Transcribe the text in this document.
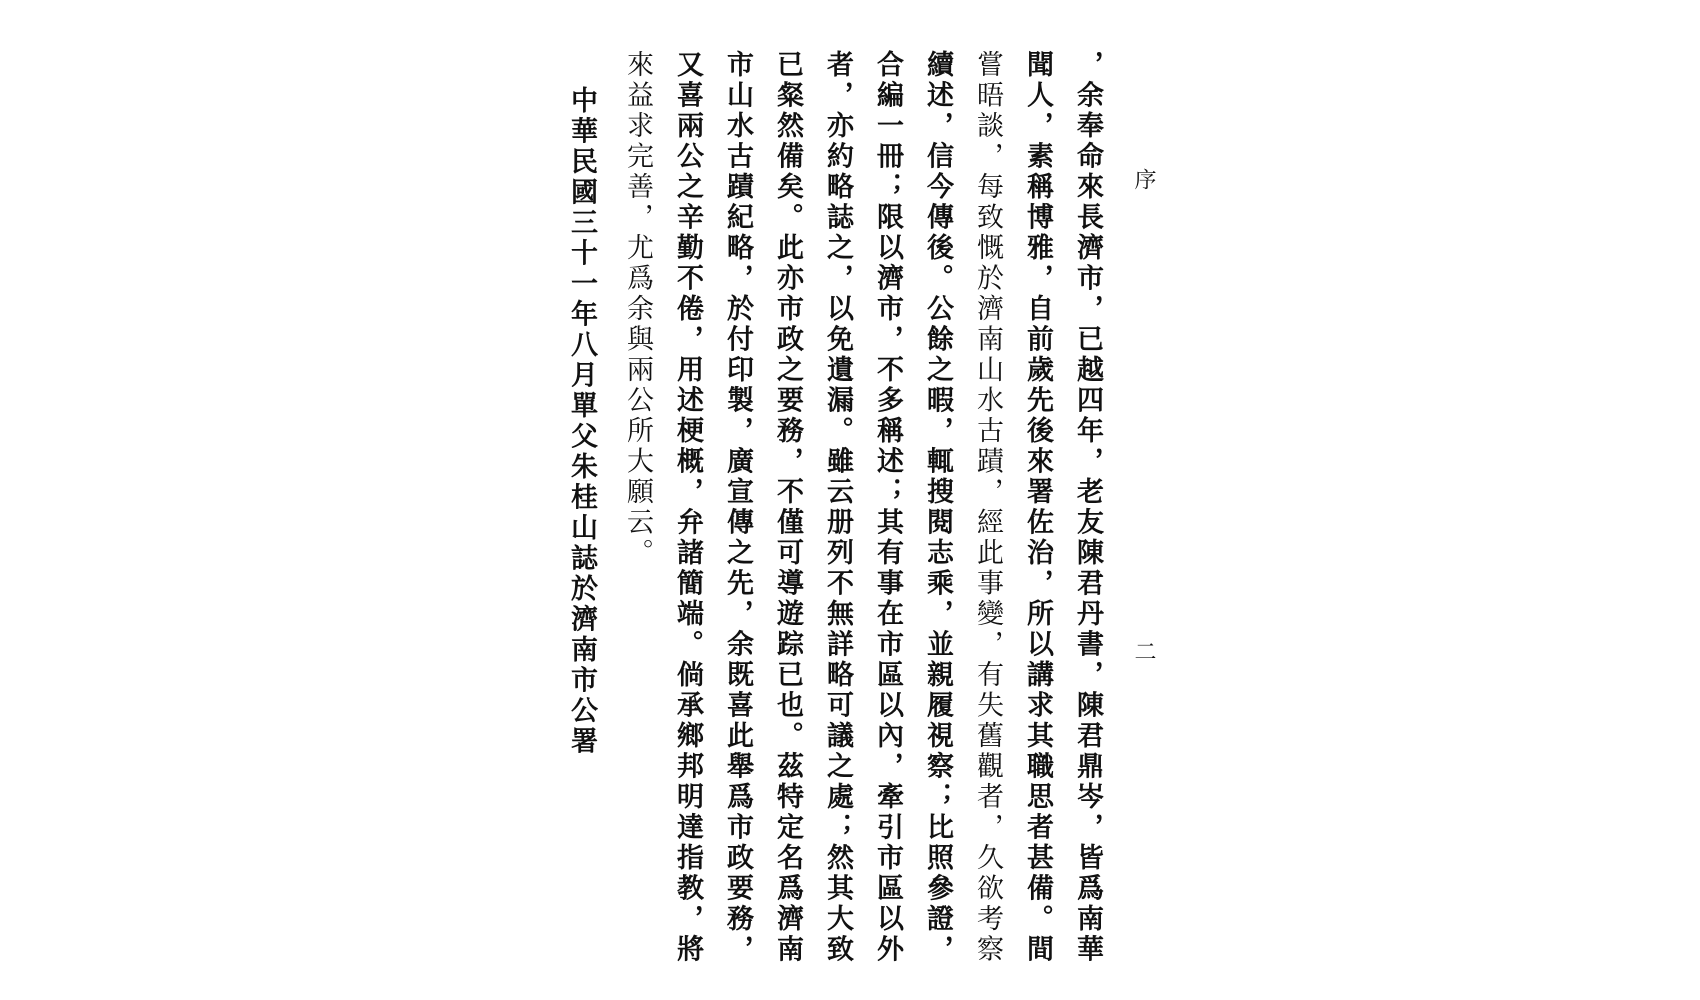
序
二
，余奉命來長濟市，已越四年，老友陳君丹書，陳君鼎岑，皆爲南華
聞人，素稱博雅，自前歲先後來署佐治，所以講求其職思者甚備。間
嘗晤談，每致慨於濟南山水古蹟，經此事變，有失舊觀者，久欲考察
續述，信今傳後。公餘之暇，輒搜閱志乘，並親履視察；比照參證，
合編一冊；限以濟市，不多稱述；其有事在市區以內，牽引市區以外
者，亦約略誌之，以免遺漏。雖云册列不無詳略可議之處；然其大致
已粲然備矣。此亦市政之要務，不僅可導遊踪已也。茲特定名爲濟南
市山水古蹟紀略，於付印製，廣宣傳之先，余既喜此舉爲市政要務，
又喜兩公之辛勤不倦，用述梗概，弁諸簡端。倘承鄉邦明達指教，將
來益求完善，尤爲余與兩公所大願云。
中華民國三十一年八月單父朱桂山誌於濟南市公署
